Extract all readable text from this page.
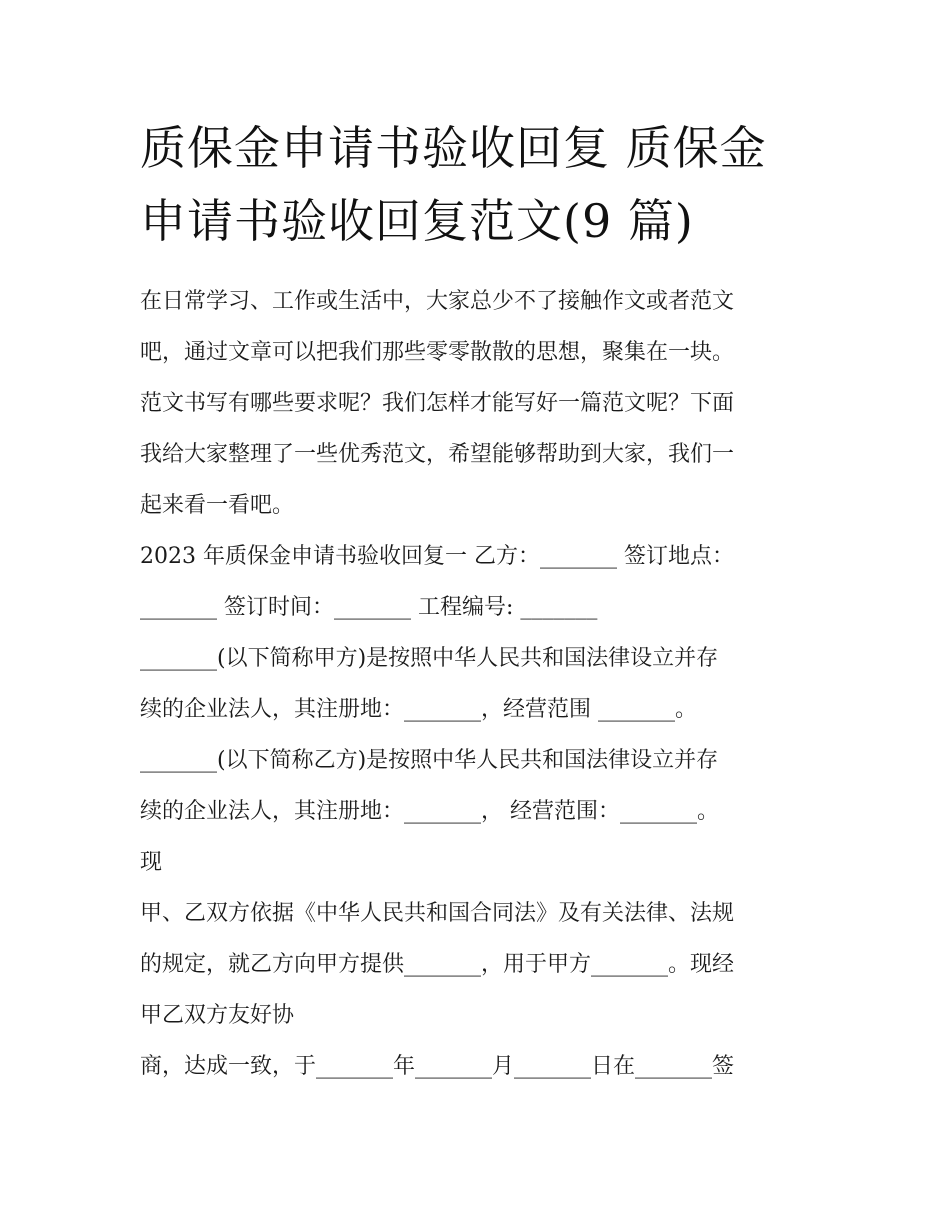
质保金申请书验收回复 质保金
申请书验收回复范文(9 篇)

在日常学习、工作或生活中，大家总少不了接触作文或者范文
吧，通过文章可以把我们那些零零散散的思想，聚集在一块。
范文书写有哪些要求呢？我们怎样才能写好一篇范文呢？下面
我给大家整理了一些优秀范文，希望能够帮助到大家，我们一
起来看一看吧。

2023 年质保金申请书验收回复一 乙方：_______ 签订地点：
_______ 签订时间：_______ 工程编号: _______
_______(以下简称甲方)是按照中华人民共和国法律设立并存
续的企业法人，其注册地：_______，经营范围 _______。
_______(以下简称乙方)是按照中华人民共和国法律设立并存
续的企业法人，其注册地：_______， 经营范围：_______。
现
甲、乙双方依据《中华人民共和国合同法》及有关法律、法规
的规定，就乙方向甲方提供_______，用于甲方_______。现经
甲乙双方友好协
商，达成一致，于_______年_______月_______日在_______签
